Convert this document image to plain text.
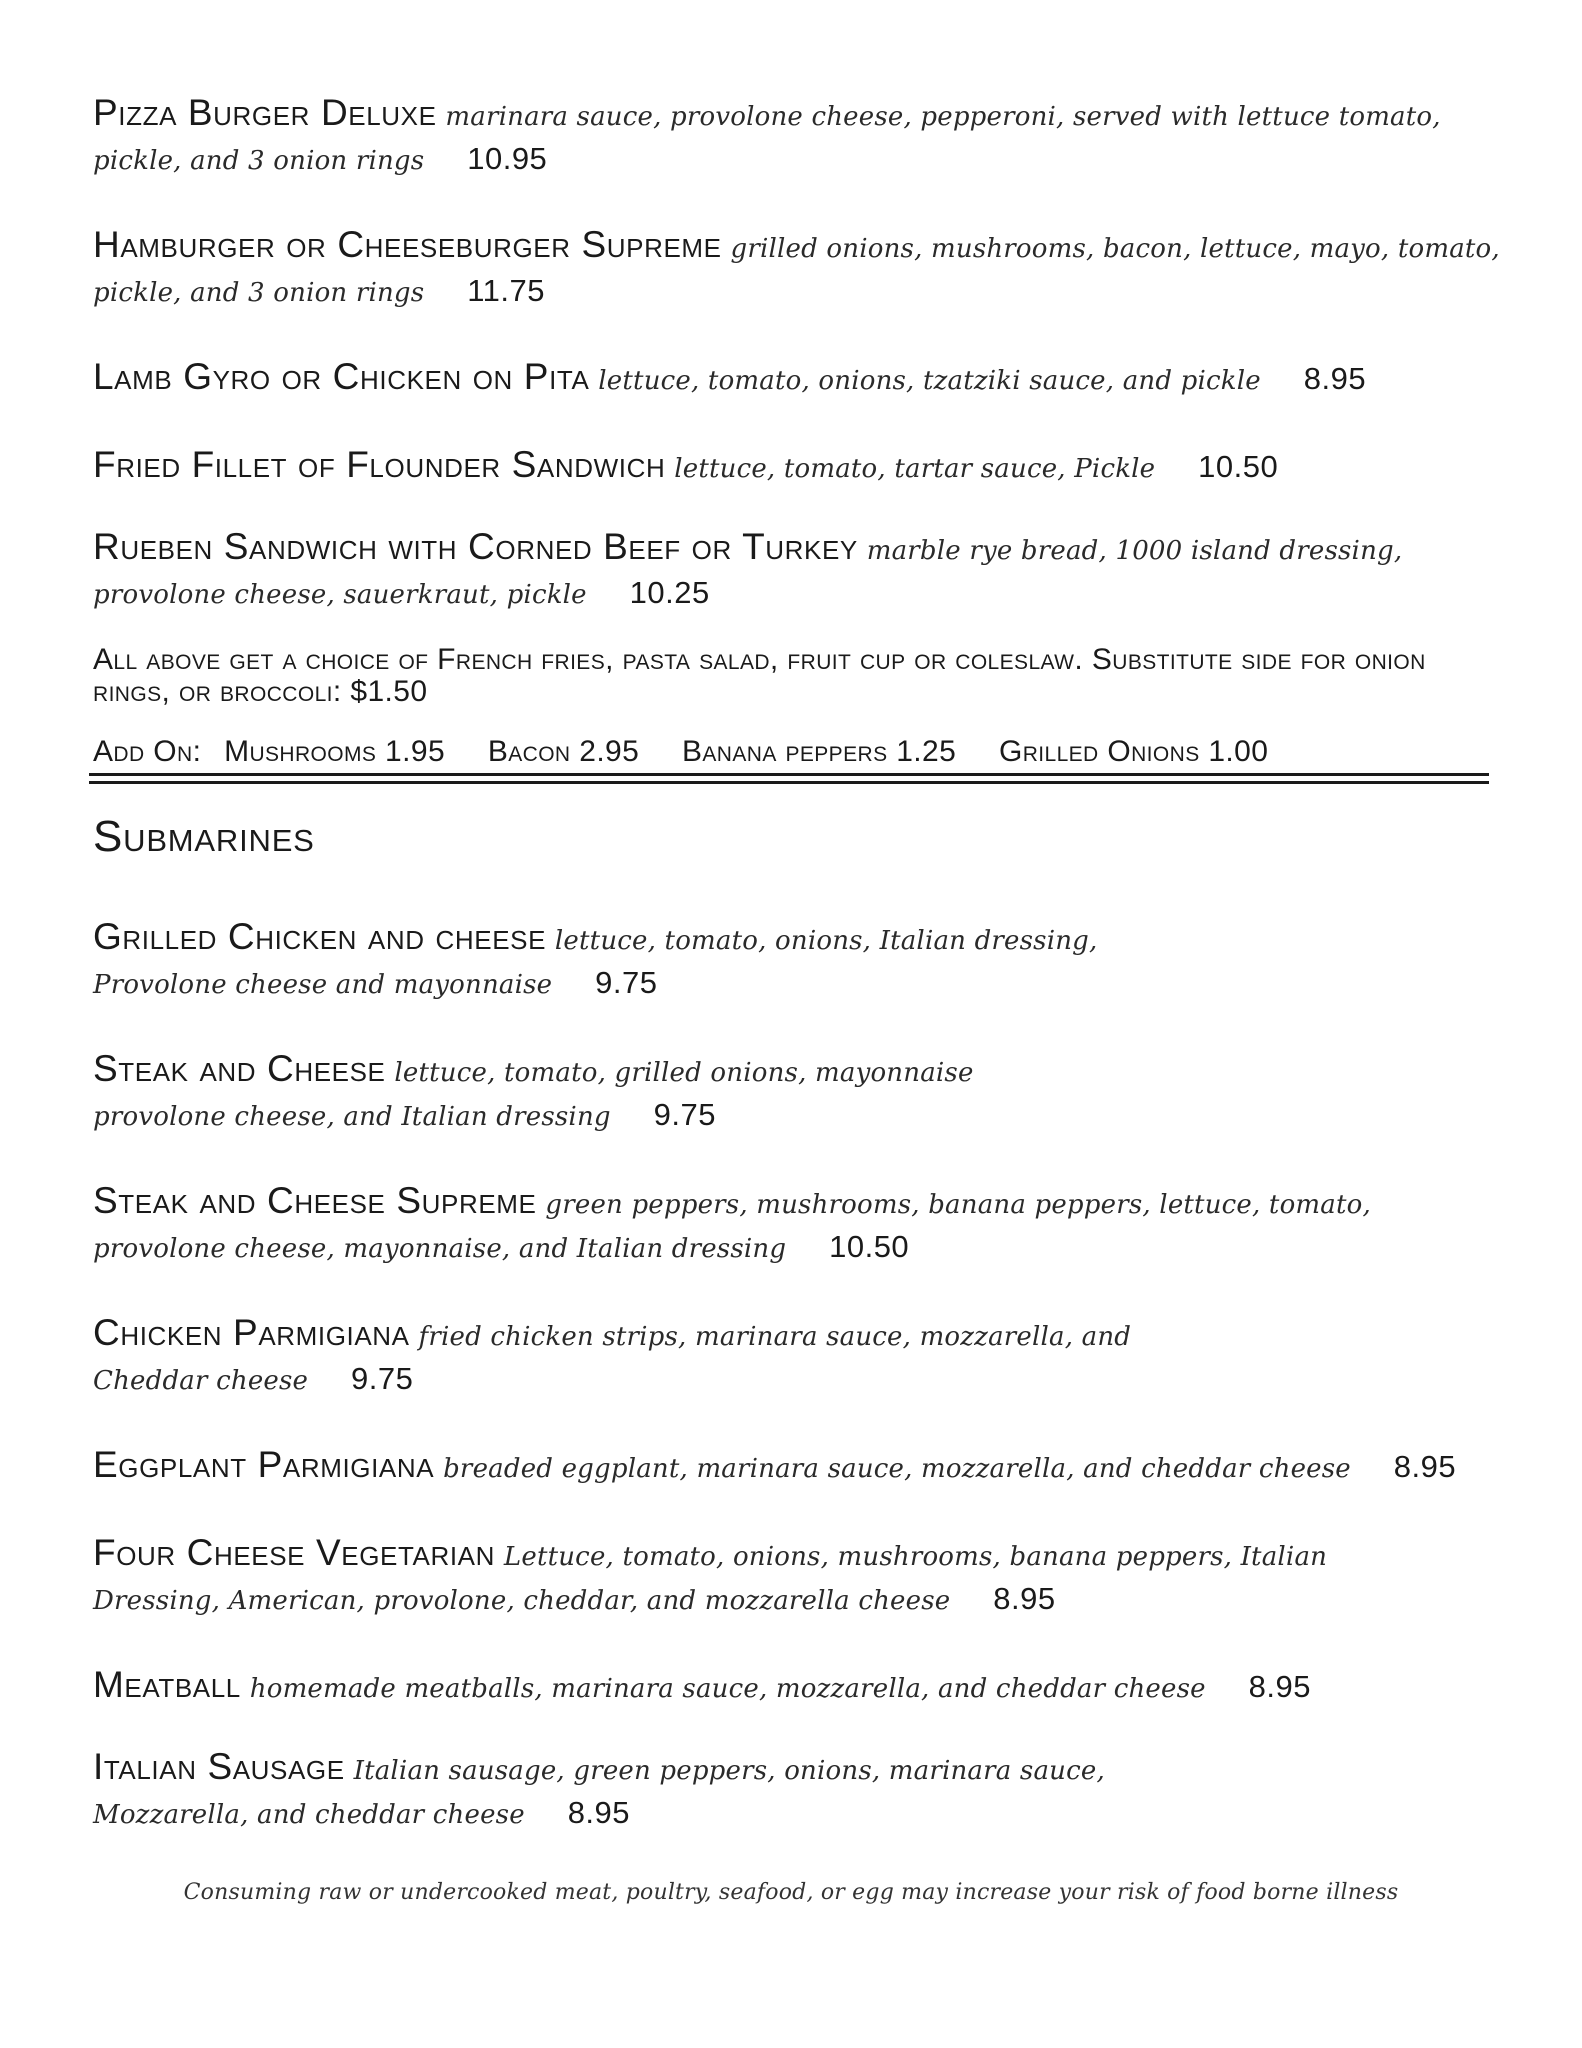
Pizza Burger Deluxe marinara sauce, provolone cheese, pepperoni, served with lettuce tomato, pickle, and 3 onion rings 10.95
Hamburger or Cheeseburger Supreme grilled onions, mushrooms, bacon, lettuce, mayo, tomato, pickle, and 3 onion rings 11.75
Lamb Gyro or Chicken on Pita lettuce, tomato, onions, tzatziki sauce, and pickle 8.95
Fried Fillet of Flounder Sandwich lettuce, tomato, tartar sauce, Pickle 10.50
Rueben Sandwich with Corned Beef or Turkey marble rye bread, 1000 island dressing, provolone cheese, sauerkraut, pickle 10.25
All above get a choice of French fries, pasta salad, fruit cup or coleslaw. Substitute side for onion rings, or broccoli: $1.50
Add On: Mushrooms 1.95 Bacon 2.95 Banana peppers 1.25 Grilled Onions 1.00
Submarines
Grilled Chicken and cheese lettuce, tomato, onions, Italian dressing, Provolone cheese and mayonnaise 9.75
Steak and Cheese lettuce, tomato, grilled onions, mayonnaise provolone cheese, and Italian dressing 9.75
Steak and Cheese Supreme green peppers, mushrooms, banana peppers, lettuce, tomato, provolone cheese, mayonnaise, and Italian dressing 10.50
Chicken Parmigiana fried chicken strips, marinara sauce, mozzarella, and Cheddar cheese 9.75
Eggplant Parmigiana breaded eggplant, marinara sauce, mozzarella, and cheddar cheese 8.95
Four Cheese Vegetarian Lettuce, tomato, onions, mushrooms, banana peppers, Italian Dressing, American, provolone, cheddar, and mozzarella cheese 8.95
Meatball homemade meatballs, marinara sauce, mozzarella, and cheddar cheese 8.95
Italian Sausage Italian sausage, green peppers, onions, marinara sauce, Mozzarella, and cheddar cheese 8.95
Consuming raw or undercooked meat, poultry, seafood, or egg may increase your risk of food borne illness
